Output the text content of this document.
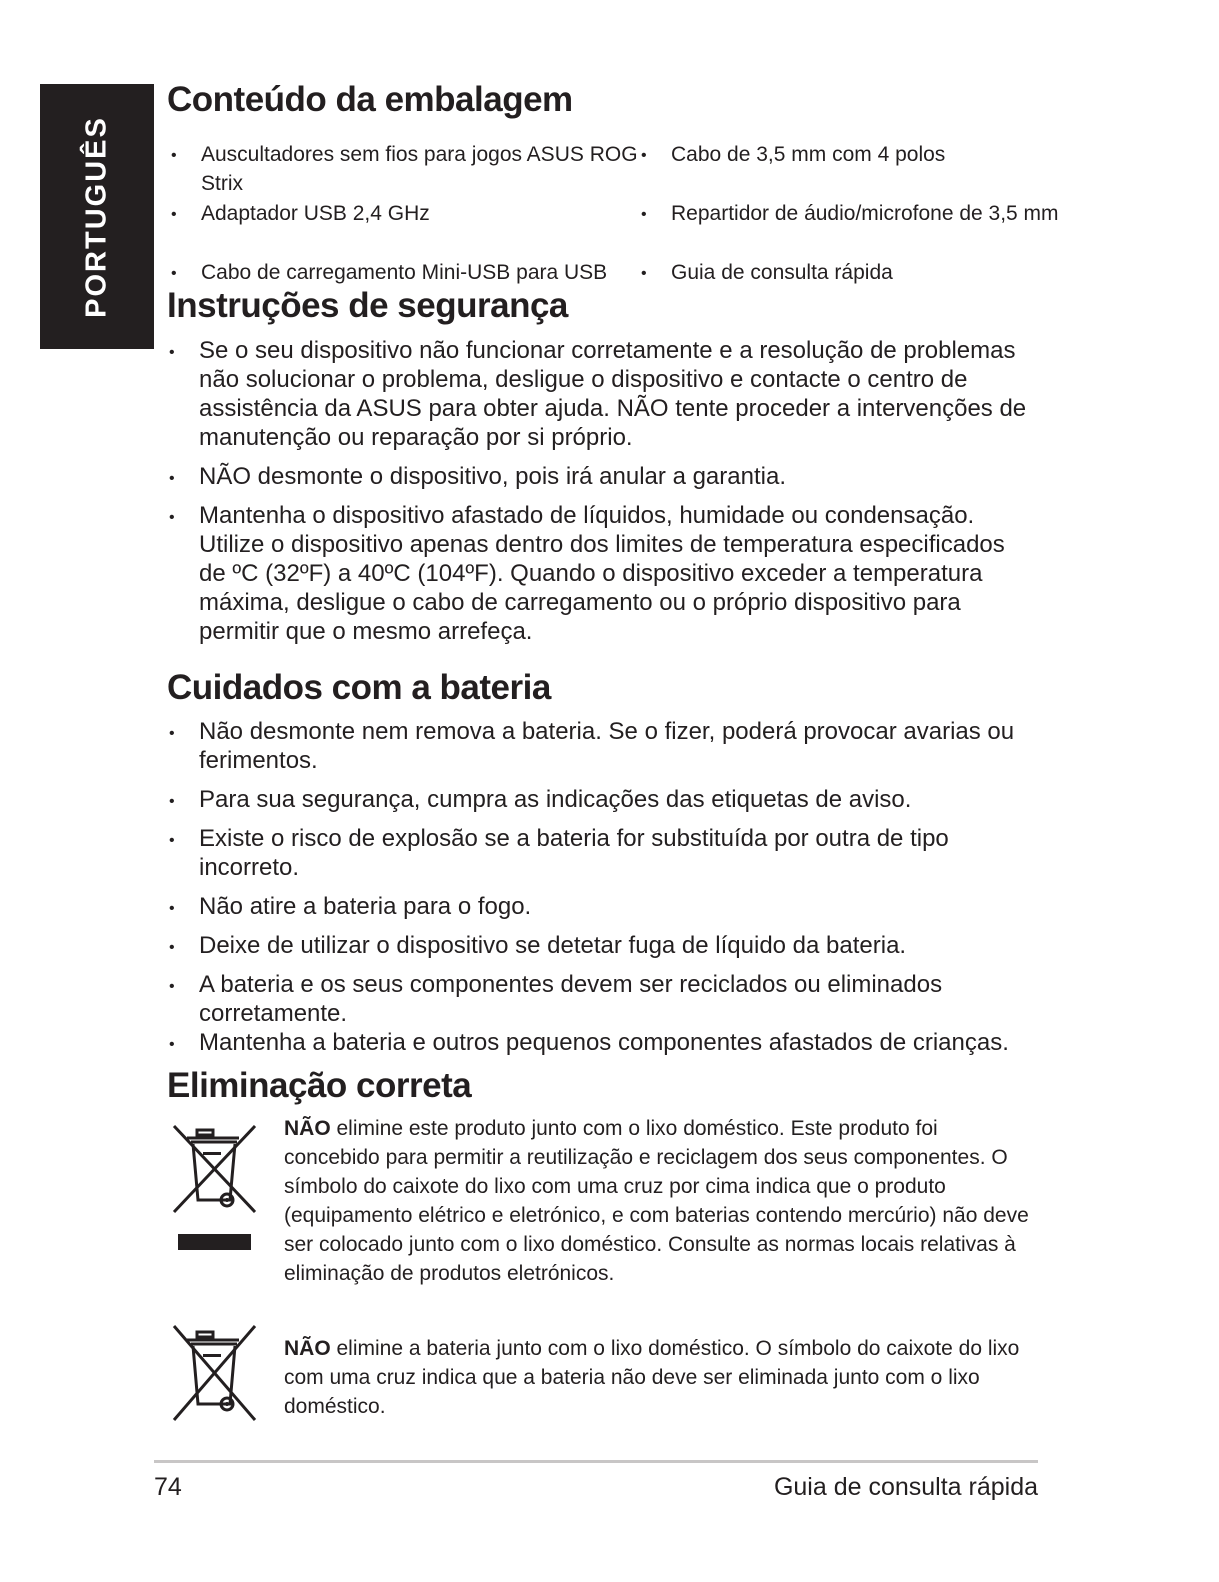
PORTUGUÊS
Conteúdo da embalagem
• Auscultadores sem fios para jogos ASUS ROG Strix
• Adaptador USB 2,4 GHz
• Cabo de carregamento Mini-USB para USB
• Cabo de 3,5 mm com 4 polos
• Repartidor de áudio/microfone de 3,5 mm
• Guia de consulta rápida
Instruções de segurança
• Se o seu dispositivo não funcionar corretamente e a resolução de problemas não solucionar o problema, desligue o dispositivo e contacte o centro de assistência da ASUS para obter ajuda. NÃO tente proceder a intervenções de manutenção ou reparação por si próprio.
• NÃO desmonte o dispositivo, pois irá anular a garantia.
• Mantenha o dispositivo afastado de líquidos, humidade ou condensação. Utilize o dispositivo apenas dentro dos limites de temperatura especificados de ºC (32ºF) a 40ºC (104ºF). Quando o dispositivo exceder a temperatura máxima, desligue o cabo de carregamento ou o próprio dispositivo para permitir que o mesmo arrefeça.
Cuidados com a bateria
• Não desmonte nem remova a bateria. Se o fizer, poderá provocar avarias ou ferimentos.
• Para sua segurança, cumpra as indicações das etiquetas de aviso.
• Existe o risco de explosão se a bateria for substituída por outra de tipo incorreto.
• Não atire a bateria para o fogo.
• Deixe de utilizar o dispositivo se detetar fuga de líquido da bateria.
• A bateria e os seus componentes devem ser reciclados ou eliminados corretamente.
• Mantenha a bateria e outros pequenos componentes afastados de crianças.
Eliminação correta
NÃO elimine este produto junto com o lixo doméstico. Este produto foi concebido para permitir a reutilização e reciclagem dos seus componentes. O símbolo do caixote do lixo com uma cruz por cima indica que o produto (equipamento elétrico e eletrónico, e com baterias contendo mercúrio) não deve ser colocado junto com o lixo doméstico. Consulte as normas locais relativas à eliminação de produtos eletrónicos.
NÃO elimine a bateria junto com o lixo doméstico. O símbolo do caixote do lixo com uma cruz indica que a bateria não deve ser eliminada junto com o lixo doméstico.
74	Guia de consulta rápida
